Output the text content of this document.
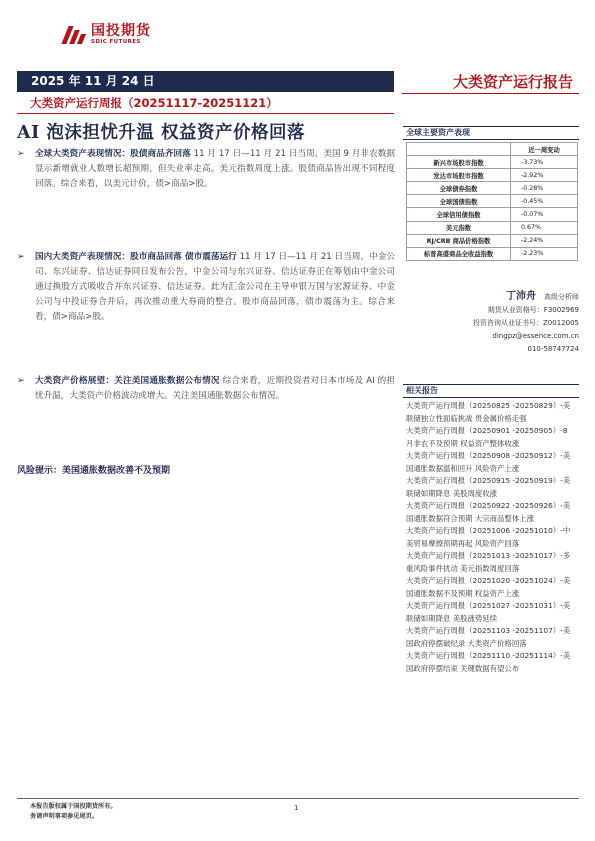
国投期货
SDIC FUTURES
2025 年 11 月 24 日
大类资产运行周报（20251117-20251121）
大类资产运行报告
AI 泡沫担忧升温 权益资产价格回落
➢	全球大类资产表现情况：股债商品齐回落 11 月 17 日—11 月 21 日当周，美国 9 月非农数据显示新增就业人数增长超预期，但失业率走高。美元指数周度上涨。股债商品皆出现不同程度回落。综合来看，以美元计价，债>商品>股。
➢	国内大类资产表现情况：股市商品回落 债市震荡运行 11 月 17 日—11 月 21 日当周，中金公司、东兴证券、信达证券同日发布公告，中金公司与东兴证券、信达证券正在筹划由中金公司通过换股方式吸收合并东兴证券、信达证券。此为汇金公司在主导申银万国与宏源证券、中金公司与中投证券合并后，再次推动重大券商的整合。股市商品回落，债市震荡为主。综合来看，债>商品>股。
➢	大类资产价格展望：关注美国通胀数据公布情况 综合来看，近期投资者对日本市场及 AI 的担忧升温，大类资产价格波动或增大。关注美国通胀数据公布情况。
风险提示：美国通胀数据改善不及预期
全球主要资产表现
	近一周变动
新兴市场股市指数	-3.73%
发达市场股市指数	-2.92%
全球债券指数	-0.28%
全球国债指数	-0.45%
全球信用债指数	-0.07%
美元指数	0.67%
RJ/CRB 商品价格指数	-2.24%
标普高盛商品全收益指数	-2.23%
丁沛舟 高级分析师
期货从业资格号：F3002969
投资咨询从业证书号：Z0012005
dingpz@essence.com.cn
010-58747724
相关报告
大类资产运行周报（20250825 -20250829）-美联储独立性面临挑战 贵金属价格走强
大类资产运行周报（20250901 -20250905）-8 月非农不及预期 权益资产整体收涨
大类资产运行周报（20250908 -20250912）-美国通胀数据温和回升 风险资产上涨
大类资产运行周报（20250915 -20250919）-美联储如期降息 美股周度收涨
大类资产运行周报（20250922 -20250926）-美国通胀数据符合预期 大宗商品整体上涨
大类资产运行周报（20251006 -20251010）-中美贸易摩擦预期再起 风险资产回落
大类资产运行周报（20251013 -20251017）-多重风险事件扰动 美元指数周度回落
大类资产运行周报（20251020 -20251024）-美国通胀数据不及预期 权益资产上涨
大类资产运行周报（20251027 -20251031）-美联储如期降息 美股涨势延续
大类资产运行周报（20251103 -20251107）-美国政府停摆破纪录 大类资产价格回落
大类资产运行周报（20251110 -20251114）-美国政府停摆结束 关键数据有望公布
本报告版权属于国投期货所有。
务请声明事项参见尾页。
1
